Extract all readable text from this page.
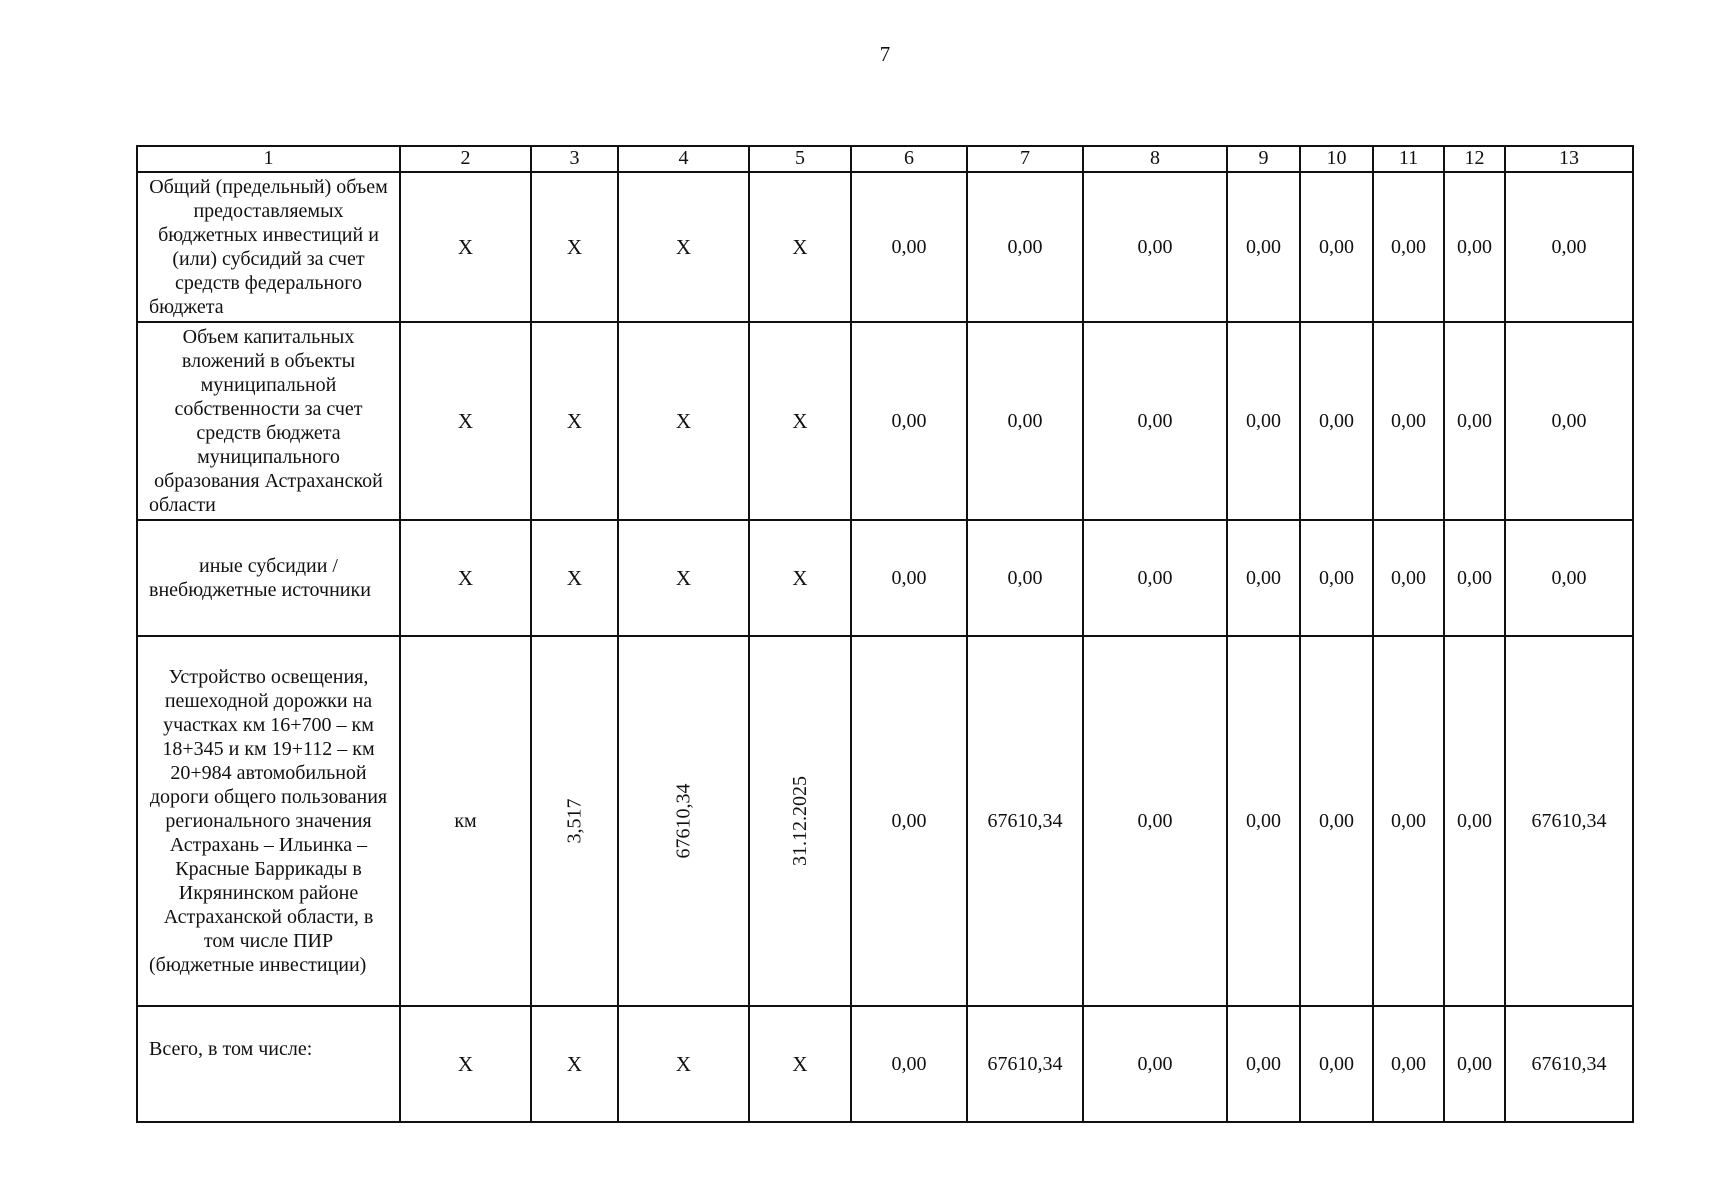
7
1	2	3	4	5	6	7	8	9	10	11	12	13
Общий (предельный) объем предоставляемых бюджетных инвестиций и (или) субсидий за счет средств федерального бюджета	Х	Х	Х	Х	0,00	0,00	0,00	0,00	0,00	0,00	0,00	0,00
Объем капитальных вложений в объекты муниципальной собственности за счет средств бюджета муниципального образования Астраханской области	Х	Х	Х	Х	0,00	0,00	0,00	0,00	0,00	0,00	0,00	0,00
иные субсидии / внебюджетные источники	Х	Х	Х	Х	0,00	0,00	0,00	0,00	0,00	0,00	0,00	0,00
Устройство освещения, пешеходной дорожки на участках км 16+700 – км 18+345 и км 19+112 – км 20+984 автомобильной дороги общего пользования регионального значения Астрахань – Ильинка – Красные Баррикады в Икрянинском районе Астраханской области, в том числе ПИР (бюджетные инвестиции)	км	3,517	67610,34	31.12.2025	0,00	67610,34	0,00	0,00	0,00	0,00	0,00	67610,34
Всего, в том числе:	Х	Х	Х	Х	0,00	67610,34	0,00	0,00	0,00	0,00	0,00	67610,34
